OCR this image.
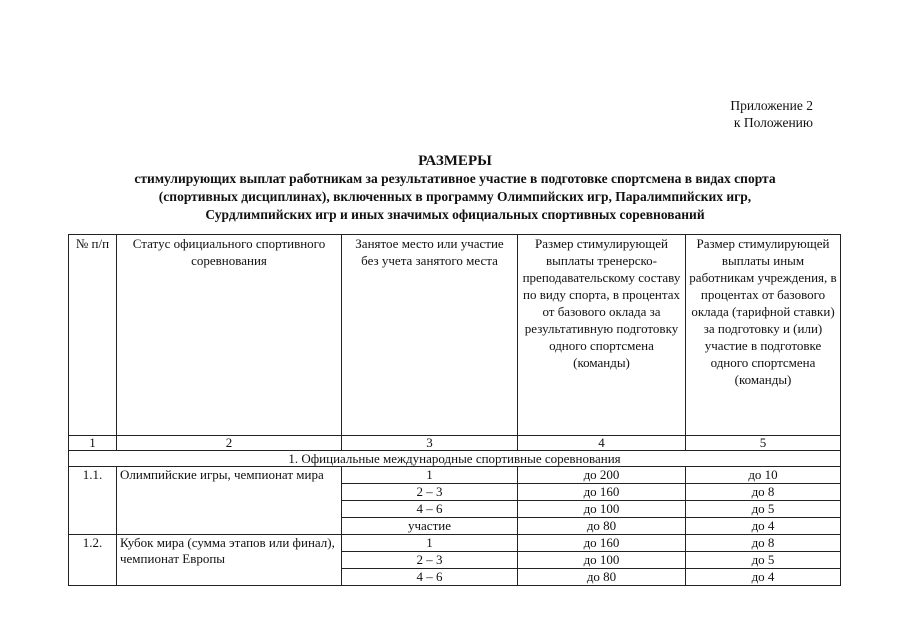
Приложение 2
к Положению
РАЗМЕРЫ
стимулирующих выплат работникам за результативное участие в подготовке спортсмена в видах спорта
(спортивных дисциплинах), включенных в программу Олимпийских игр, Паралимпийских игр,
Сурдлимпийских игр и иных значимых официальных спортивных соревнований
№ п/п	Статус официального спортивного соревнования	Занятое место или участие без учета занятого места	Размер стимулирующей выплаты тренерско-преподавательскому составу по виду спорта, в процентах от базового оклада за результативную подготовку одного спортсмена (команды)	Размер стимулирующей выплаты иным работникам учреждения, в процентах от базового оклада (тарифной ставки) за подготовку и (или) участие в подготовке одного спортсмена (команды)
1	2	3	4	5
1. Официальные международные спортивные соревнования				
1.1.	Олимпийские игры, чемпионат мира	1	до 200	до 10
		2 – 3	до 160	до 8
		4 – 6	до 100	до 5
		участие	до 80	до 4
1.2.	Кубок мира (сумма этапов или финал), чемпионат Европы	1	до 160	до 8
		2 – 3	до 100	до 5
		4 – 6	до 80	до 4
